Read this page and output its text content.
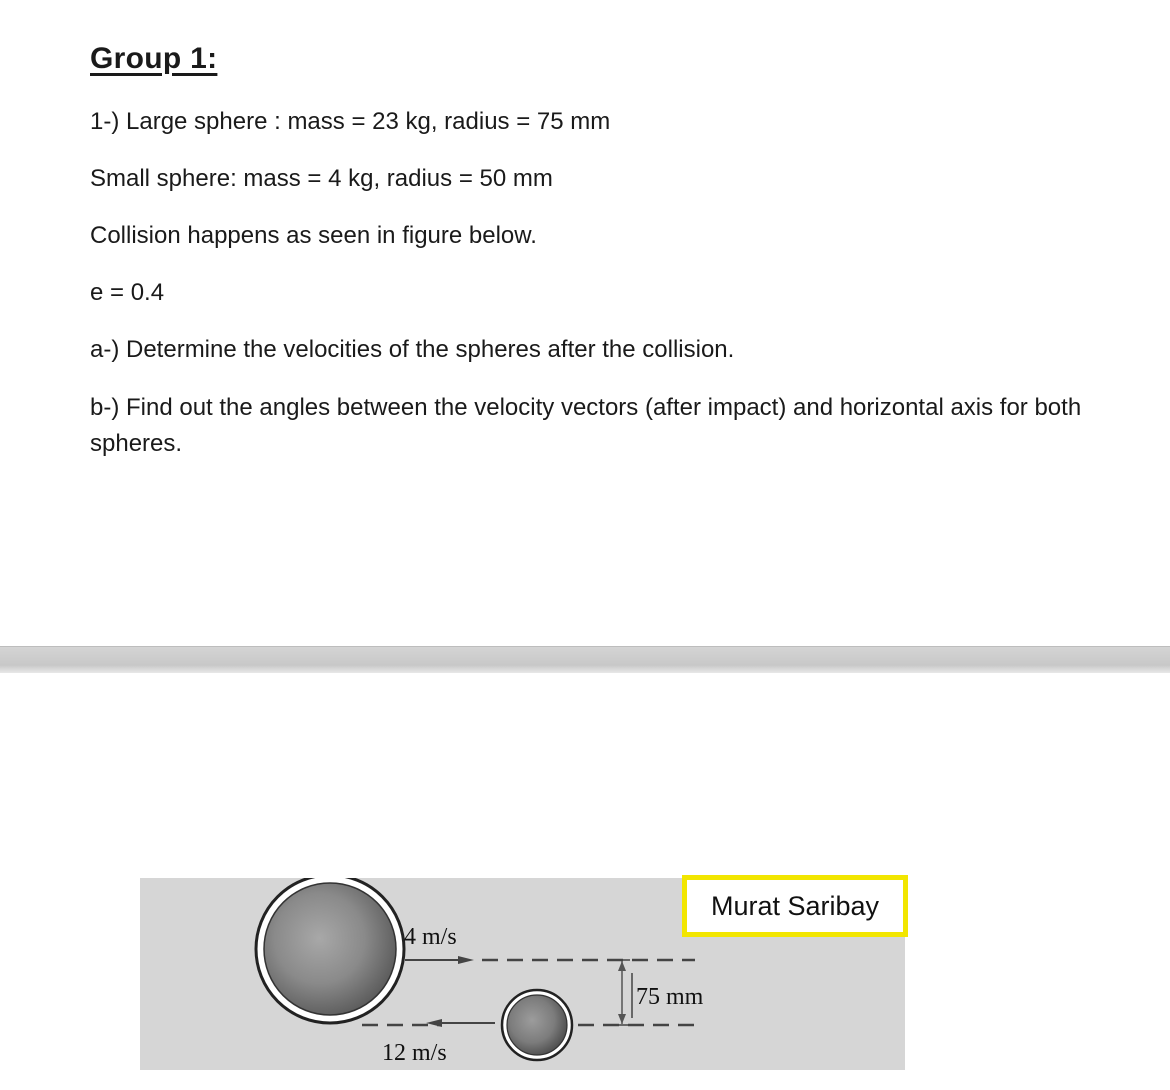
Group 1:
1-) Large sphere : mass = 23 kg, radius = 75 mm
Small sphere: mass = 4 kg, radius = 50 mm
Collision happens as seen in figure below.
e = 0.4
a-) Determine the velocities of the spheres after the collision.
b-) Find out the angles between the velocity vectors (after impact) and horizontal axis for both spheres.
4 m/s
12 m/s
75 mm
Murat Saribay
